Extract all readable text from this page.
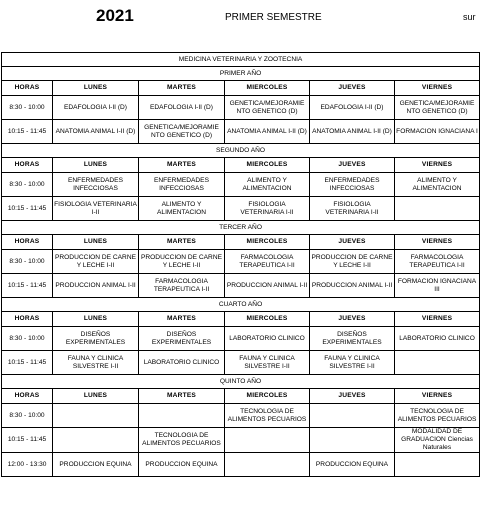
2021	PRIMER SEMESTRE	sur
MEDICINA VETERINARIA Y ZOOTECNIA					
PRIMER AÑO					
HORAS	LUNES	MARTES	MIERCOLES	JUEVES	VIERNES
8:30 - 10:00	EDAFOLOGIA I-II (D)	EDAFOLOGIA I-II (D)	GENETICA/MEJORAMIE NTO GENETICO (D)	EDAFOLOGIA I-II (D)	GENETICA/MEJORAMIE NTO GENETICO (D)
10:15 - 11:45	ANATOMIA ANIMAL I-II (D)	GENETICA/MEJORAMIE NTO GENETICO (D)	ANATOMIA ANIMAL I-II (D)	ANATOMIA ANIMAL I-II (D)	FORMACION IGNACIANA I
SEGUNDO AÑO					
HORAS	LUNES	MARTES	MIERCOLES	JUEVES	VIERNES
8:30 - 10:00	ENFERMEDADES INFECCIOSAS	ENFERMEDADES INFECCIOSAS	ALIMENTO Y ALIMENTACION	ENFERMEDADES INFECCIOSAS	ALIMENTO Y ALIMENTACION
10:15 - 11:45	FISIOLOGIA VETERINARIA I-II	ALIMENTO Y ALIMENTACION	FISIOLOGIA VETERINARIA I-II	FISIOLOGIA VETERINARIA I-II	
TERCER AÑO					
HORAS	LUNES	MARTES	MIERCOLES	JUEVES	VIERNES
8:30 - 10:00	PRODUCCION DE CARNE Y LECHE I-II	PRODUCCION DE CARNE Y LECHE I-II	FARMACOLOGIA TERAPEUTICA I-II	PRODUCCION DE CARNE Y LECHE I-II	FARMACOLOGIA TERAPEUTICA I-II
10:15 - 11:45	PRODUCCION ANIMAL I-II	FARMACOLOGIA TERAPEUTICA I-II	PRODUCCION ANIMAL I-II	PRODUCCION ANIMAL I-II	FORMACION IGNACIANA III
CUARTO AÑO					
HORAS	LUNES	MARTES	MIERCOLES	JUEVES	VIERNES
8:30 - 10:00	DISEÑOS EXPERIMENTALES	DISEÑOS EXPERIMENTALES	LABORATORIO CLINICO	DISEÑOS EXPERIMENTALES	LABORATORIO CLINICO
10:15 - 11:45	FAUNA Y CLINICA SILVESTRE I-II	LABORATORIO CLINICO	FAUNA Y CLINICA SILVESTRE I-II	FAUNA Y CLINICA SILVESTRE I-II	
QUINTO AÑO					
HORAS	LUNES	MARTES	MIERCOLES	JUEVES	VIERNES
8:30 - 10:00			TECNOLOGIA DE ALIMENTOS PECUARIOS		TECNOLOGIA DE ALIMENTOS PECUARIOS
10:15 - 11:45		TECNOLOGIA DE ALIMENTOS PECUARIOS			MODALIDAD DE GRADUACION Ciencias Naturales
12:00 - 13:30	PRODUCCION EQUINA	PRODUCCION EQUINA		PRODUCCION EQUINA	
